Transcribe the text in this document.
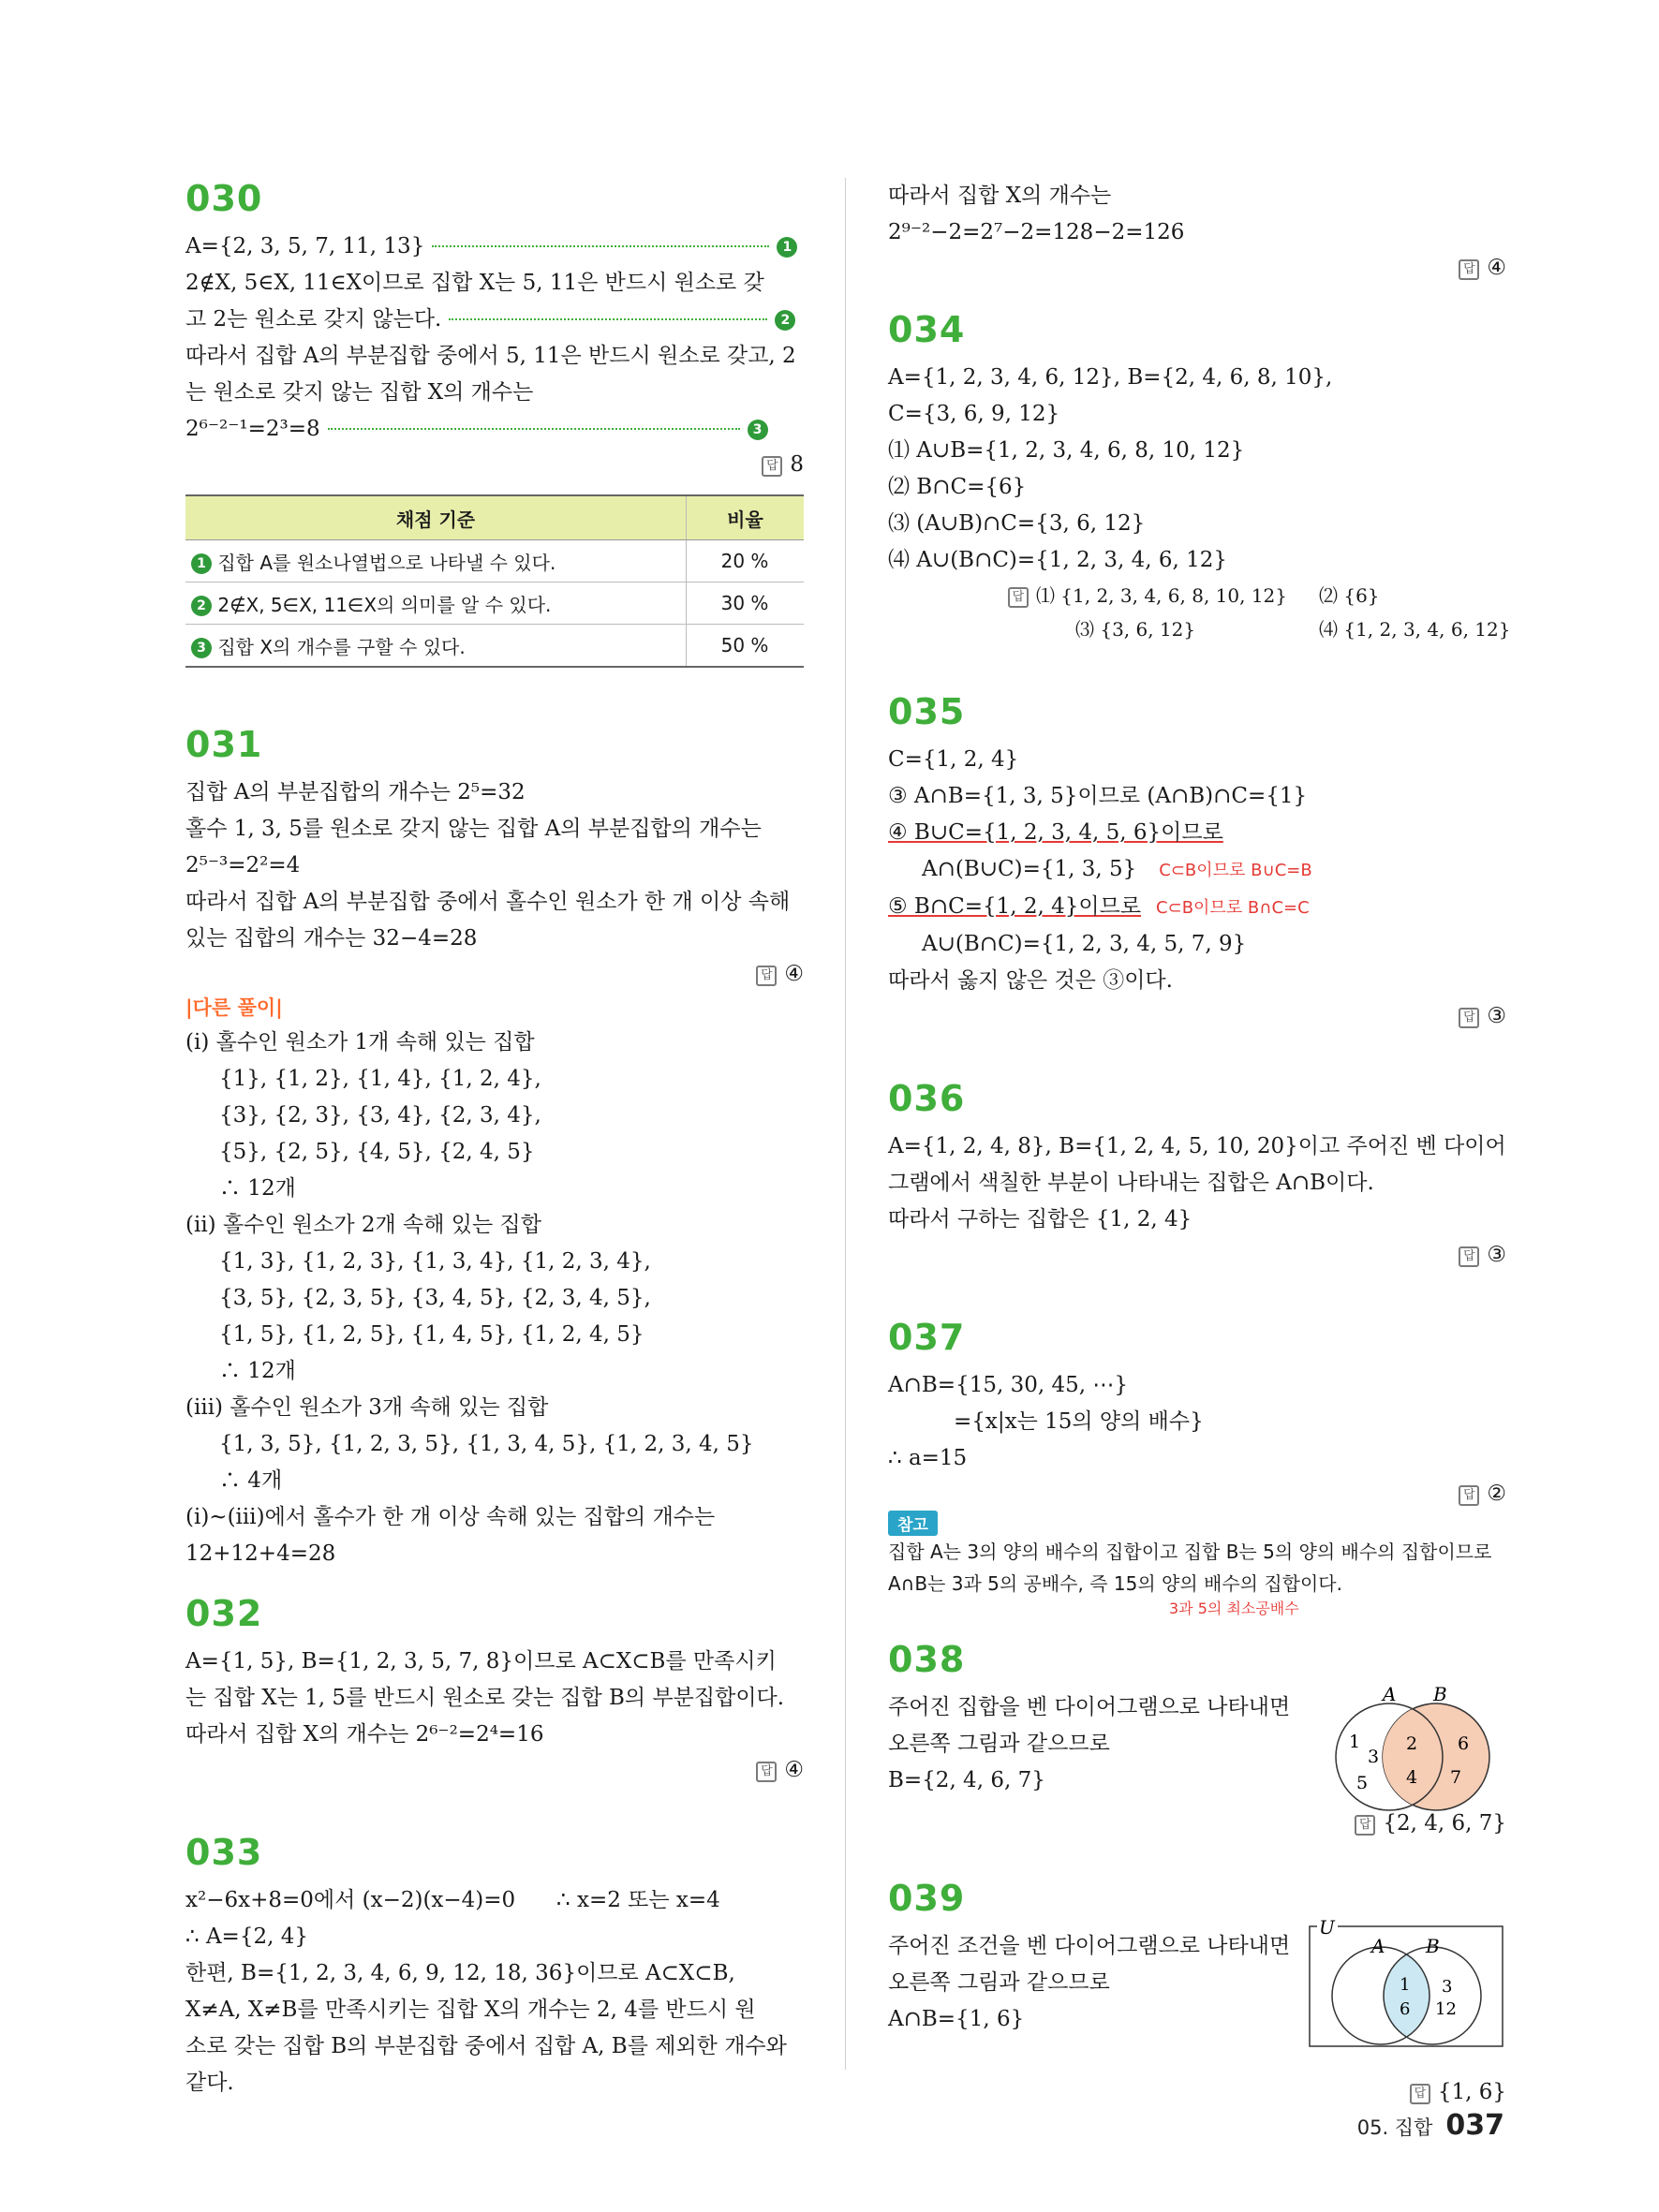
030
A={2, 3, 5, 7, 11, 13}	1
2∉X, 5∈X, 11∈X이므로 집합 X는 5, 11은 반드시 원소로 갖
고 2는 원소로 갖지 않는다.	2
따라서 집합 A의 부분집합 중에서 5, 11은 반드시 원소로 갖고, 2
는 원소로 갖지 않는 집합 X의 개수는
2⁶⁻²⁻¹=2³=8	3
답 8
채점 기준	비율
1 집합 A를 원소나열법으로 나타낼 수 있다.	20 %
2 2∉X, 5∈X, 11∈X의 의미를 알 수 있다.	30 %
3 집합 X의 개수를 구할 수 있다.	50 %
031
집합 A의 부분집합의 개수는 2⁵=32
홀수 1, 3, 5를 원소로 갖지 않는 집합 A의 부분집합의 개수는
2⁵⁻³=2²=4
따라서 집합 A의 부분집합 중에서 홀수인 원소가 한 개 이상 속해
있는 집합의 개수는 32−4=28
답 ④
|다른 풀이|
(ⅰ) 홀수인 원소가 1개 속해 있는 집합
{1}, {1, 2}, {1, 4}, {1, 2, 4},
{3}, {2, 3}, {3, 4}, {2, 3, 4},
{5}, {2, 5}, {4, 5}, {2, 4, 5}
∴ 12개
(ⅱ) 홀수인 원소가 2개 속해 있는 집합
{1, 3}, {1, 2, 3}, {1, 3, 4}, {1, 2, 3, 4},
{3, 5}, {2, 3, 5}, {3, 4, 5}, {2, 3, 4, 5},
{1, 5}, {1, 2, 5}, {1, 4, 5}, {1, 2, 4, 5}
∴ 12개
(ⅲ) 홀수인 원소가 3개 속해 있는 집합
{1, 3, 5}, {1, 2, 3, 5}, {1, 3, 4, 5}, {1, 2, 3, 4, 5}
∴ 4개
(ⅰ)~(ⅲ)에서 홀수가 한 개 이상 속해 있는 집합의 개수는
12+12+4=28
032
A={1, 5}, B={1, 2, 3, 5, 7, 8}이므로 A⊂X⊂B를 만족시키
는 집합 X는 1, 5를 반드시 원소로 갖는 집합 B의 부분집합이다.
따라서 집합 X의 개수는 2⁶⁻²=2⁴=16
답 ④
033
x²−6x+8=0에서 (x−2)(x−4)=0      ∴ x=2 또는 x=4
∴ A={2, 4}
한편, B={1, 2, 3, 4, 6, 9, 12, 18, 36}이므로 A⊂X⊂B,
X≠A, X≠B를 만족시키는 집합 X의 개수는 2, 4를 반드시 원
소로 갖는 집합 B의 부분집합 중에서 집합 A, B를 제외한 개수와
같다.
따라서 집합 X의 개수는
2⁹⁻²−2=2⁷−2=128−2=126
답 ④
034
A={1, 2, 3, 4, 6, 12}, B={2, 4, 6, 8, 10},
C={3, 6, 9, 12}
⑴ A∪B={1, 2, 3, 4, 6, 8, 10, 12}
⑵ B∩C={6}
⑶ (A∪B)∩C={3, 6, 12}
⑷ A∪(B∩C)={1, 2, 3, 4, 6, 12}
답 ⑴ {1, 2, 3, 4, 6, 8, 10, 12} ⑵ {6}
⑶ {3, 6, 12}	⑷ {1, 2, 3, 4, 6, 12}
035
C={1, 2, 4}
③ A∩B={1, 3, 5}이므로 (A∩B)∩C={1}
④ B∪C={1, 2, 3, 4, 5, 6}이므로
A∩(B∪C)={1, 3, 5} C⊂B이므로 B∪C=B
⑤ B∩C={1, 2, 4}이므로 C⊂B이므로 B∩C=C
A∪(B∩C)={1, 2, 3, 4, 5, 7, 9}
따라서 옳지 않은 것은 ③이다.
답 ③
036
A={1, 2, 4, 8}, B={1, 2, 4, 5, 10, 20}이고 주어진 벤 다이어
그램에서 색칠한 부분이 나타내는 집합은 A∩B이다.
따라서 구하는 집합은 {1, 2, 4}
답 ③
037
A∩B={15, 30, 45, ⋯}
={x|x는 15의 양의 배수}
∴ a=15
답 ②
참고
집합 A는 3의 양의 배수의 집합이고 집합 B는 5의 양의 배수의 집합이므로
A∩B는 3과 5의 공배수, 즉 15의 양의 배수의 집합이다.
3과 5의 최소공배수
038
주어진 집합을 벤 다이어그램으로 나타내면
오른쪽 그림과 같으므로
B={2, 4, 6, 7}
답 {2, 4, 6, 7}
A B
1
3
5
2
4
6
7
039
주어진 조건을 벤 다이어그램으로 나타내면
오른쪽 그림과 같으므로
A∩B={1, 6}
답 {1, 6}
U
A B
1
6
3
12
05. 집합 037
